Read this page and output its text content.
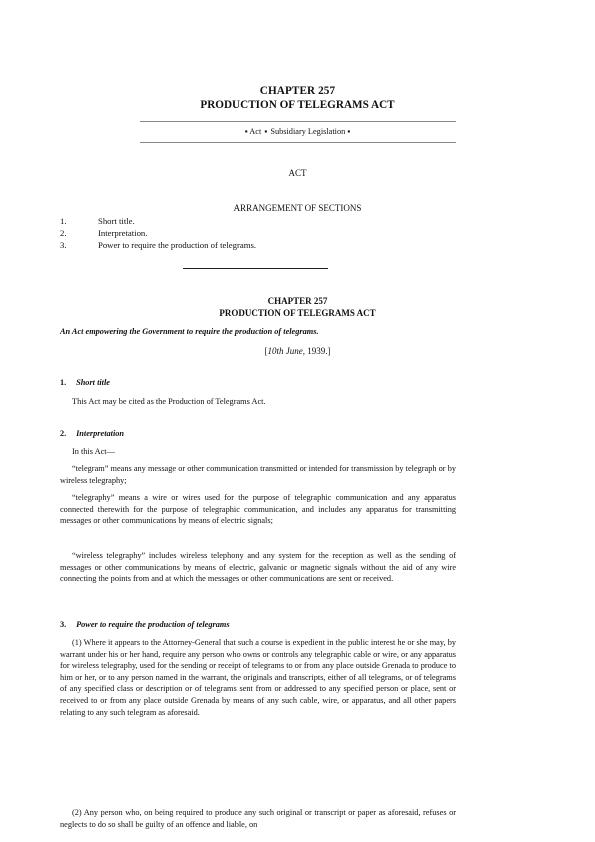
CHAPTER 257
PRODUCTION OF TELEGRAMS ACT
▪ Act ▪ Subsidiary Legislation ▪
ACT
ARRANGEMENT OF SECTIONS
1.	Short title.
2.	Interpretation.
3.	Power to require the production of telegrams.
CHAPTER 257
PRODUCTION OF TELEGRAMS ACT
An Act empowering the Government to require the production of telegrams.
[10th June, 1939.]
1. Short title
This Act may be cited as the Production of Telegrams Act.
2. Interpretation
In this Act—
“telegram” means any message or other communication transmitted or intended for transmission by telegraph or by wireless telegraphy;
“telegraphy” means a wire or wires used for the purpose of telegraphic communication and any apparatus connected therewith for the purpose of telegraphic communication, and includes any apparatus for transmitting messages or other communications by means of electric signals;
“wireless telegraphy” includes wireless telephony and any system for the reception as well as the sending of messages or other communications by means of electric, galvanic or magnetic signals without the aid of any wire connecting the points from and at which the messages or other communications are sent or received.
3. Power to require the production of telegrams
(1) Where it appears to the Attorney-General that such a course is expedient in the public interest he or she may, by warrant under his or her hand, require any person who owns or controls any telegraphic cable or wire, or any apparatus for wireless telegraphy, used for the sending or receipt of telegrams to or from any place outside Grenada to produce to him or her, or to any person named in the warrant, the originals and transcripts, either of all telegrams, or of telegrams of any specified class or description or of telegrams sent from or addressed to any specified person or place, sent or received to or from any place outside Grenada by means of any such cable, wire, or apparatus, and all other papers relating to any such telegram as aforesaid.
(2) Any person who, on being required to produce any such original or transcript or paper as aforesaid, refuses or neglects to do so shall be guilty of an offence and liable, on
